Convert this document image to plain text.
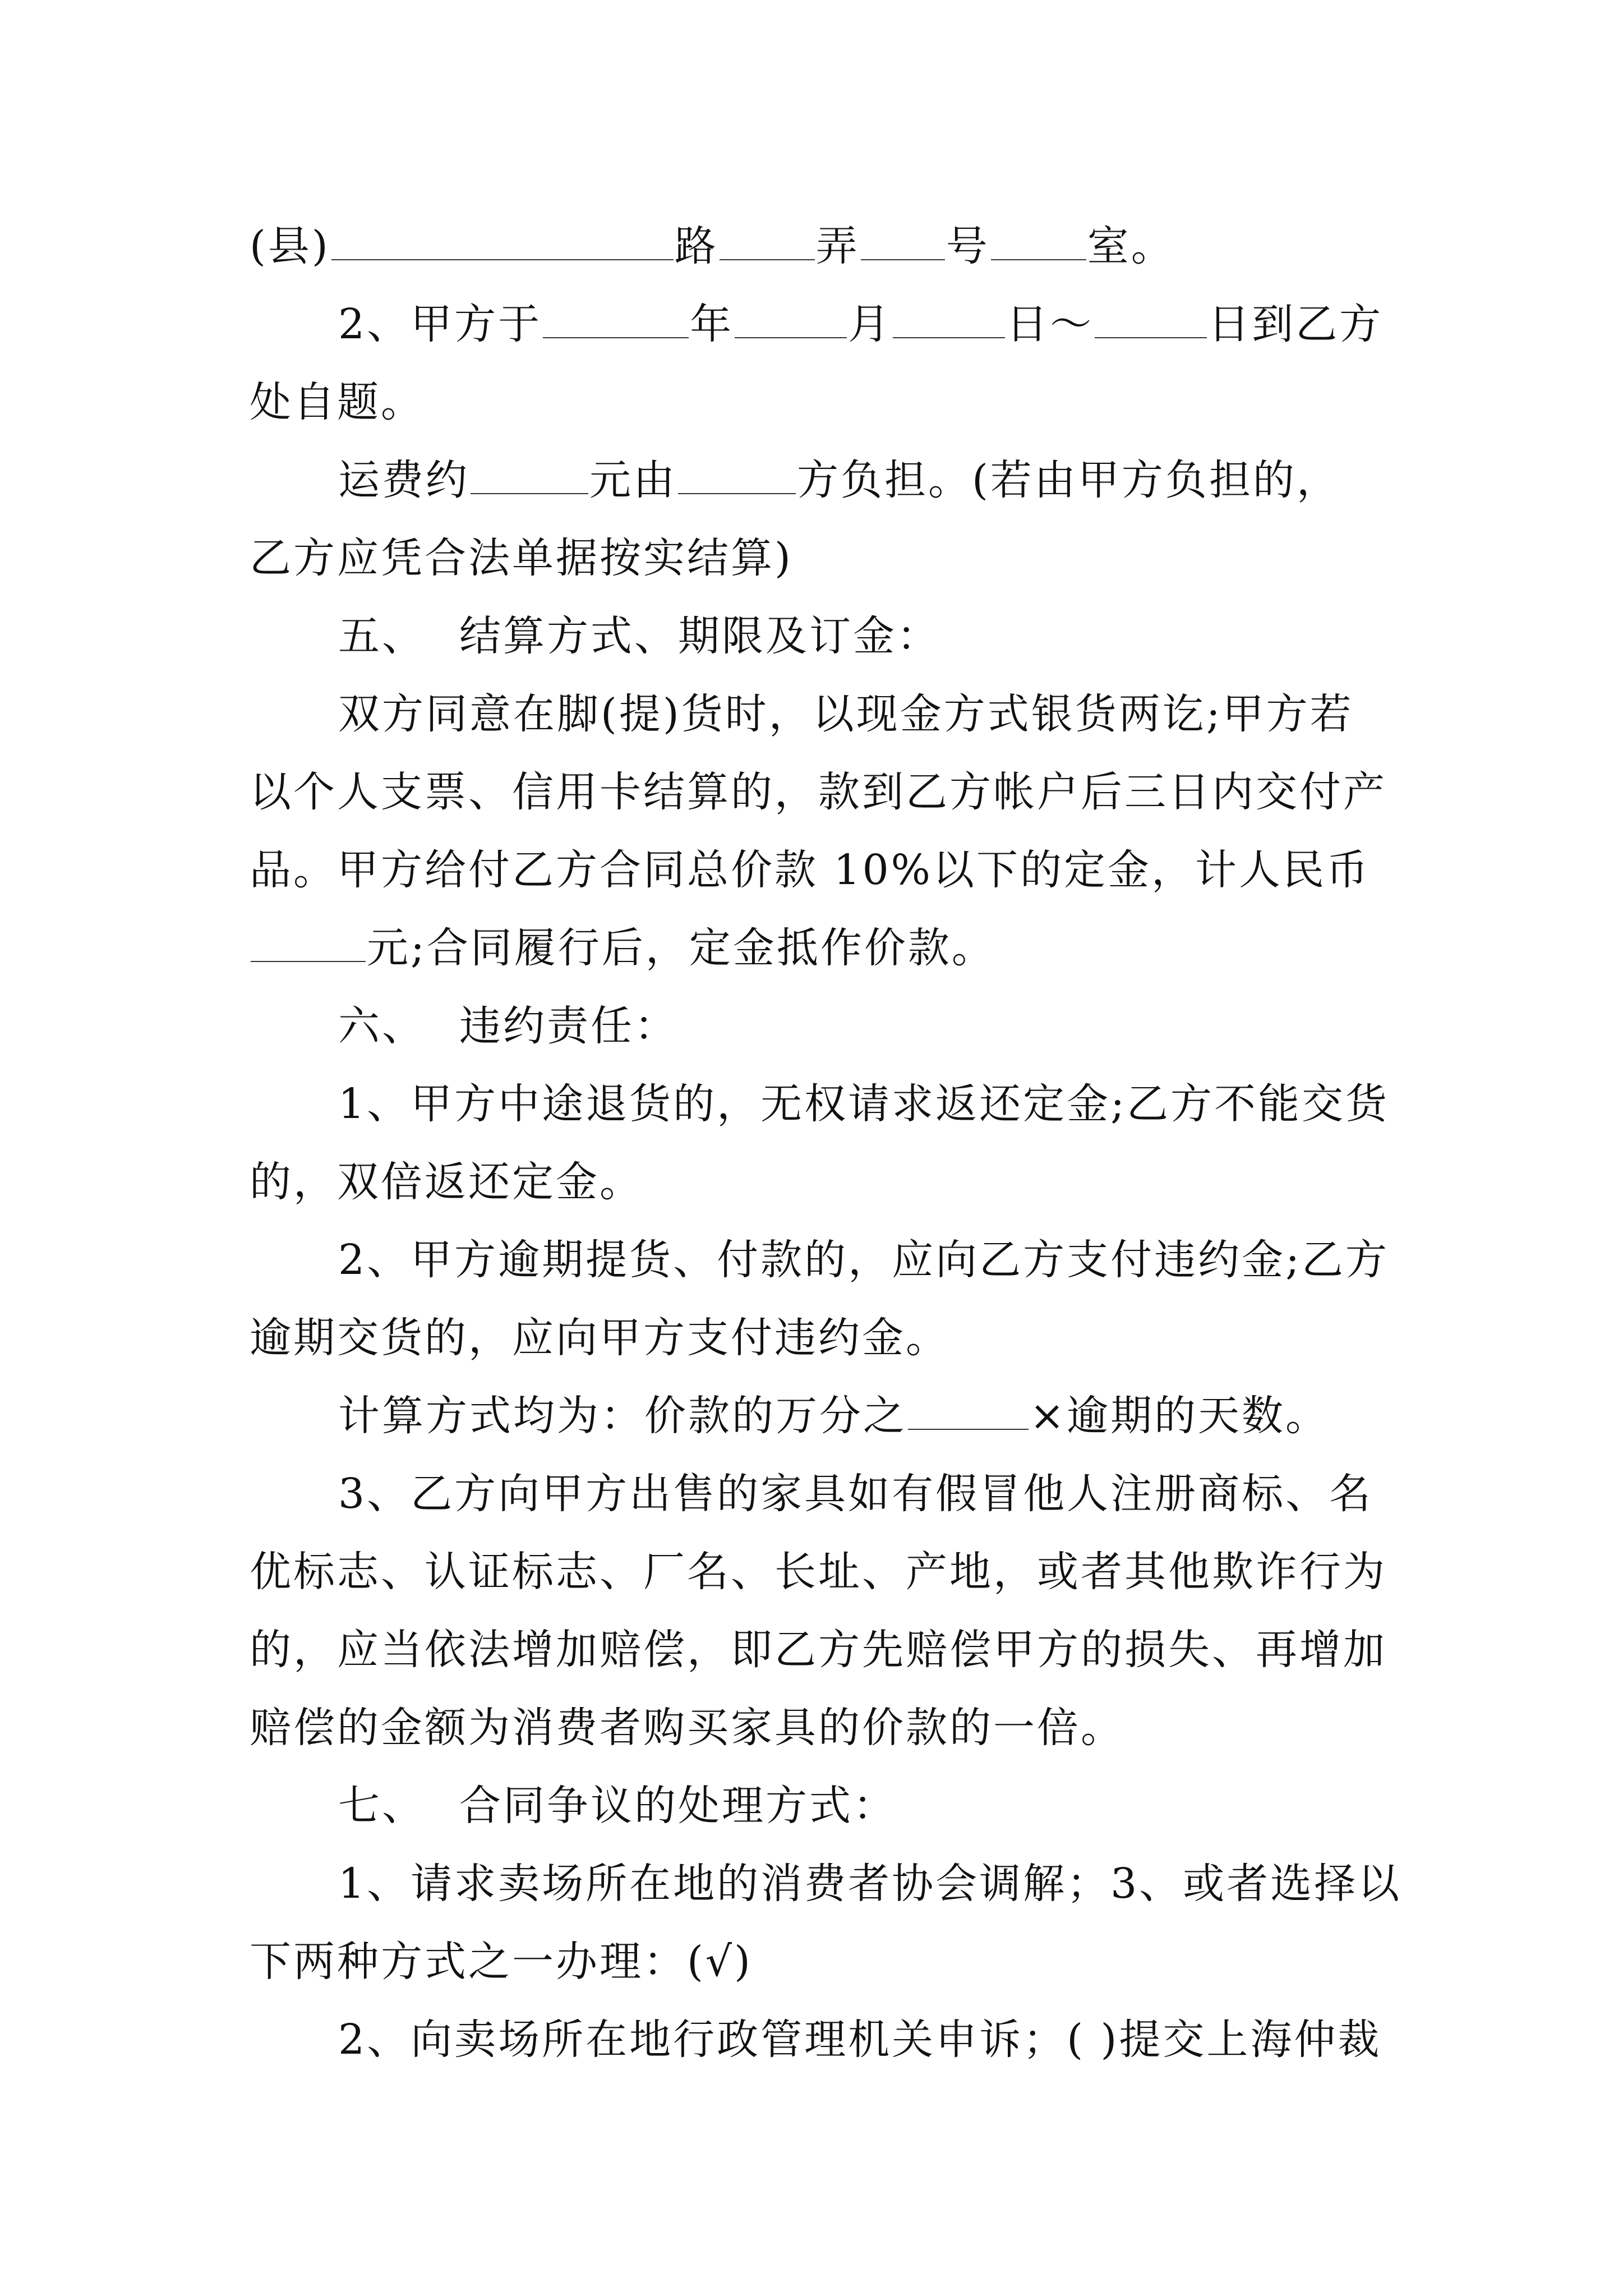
(县)	路 弄 号 室。
2、甲方于	年	月	日～	日到乙方
处自题。
运费约	元由	方负担。(若由甲方负担的，
乙方应凭合法单据按实结算)
五、 结算方式、期限及订金：
双方同意在脚(提)货时，以现金方式银货两讫;甲方若
以个人支票、信用卡结算的，款到乙方帐户后三日内交付产
品。甲方给付乙方合同总价款 10%以下的定金，计人民币
元;合同履行后，定金抵作价款。
六、 违约责任：
1、甲方中途退货的，无权请求返还定金;乙方不能交货
的，双倍返还定金。
2、甲方逾期提货、付款的，应向乙方支付违约金;乙方
逾期交货的，应向甲方支付违约金。
计算方式均为：价款的万分之	×逾期的天数。
3、乙方向甲方出售的家具如有假冒他人注册商标、名
优标志、认证标志、厂名、长址、产地，或者其他欺诈行为
的，应当依法增加赔偿，即乙方先赔偿甲方的损失、再增加
赔偿的金额为消费者购买家具的价款的一倍。
七、 合同争议的处理方式：
1、请求卖场所在地的消费者协会调解；3、或者选择以
下两种方式之一办理：(√)
2、向卖场所在地行政管理机关申诉；( )提交上海仲裁
